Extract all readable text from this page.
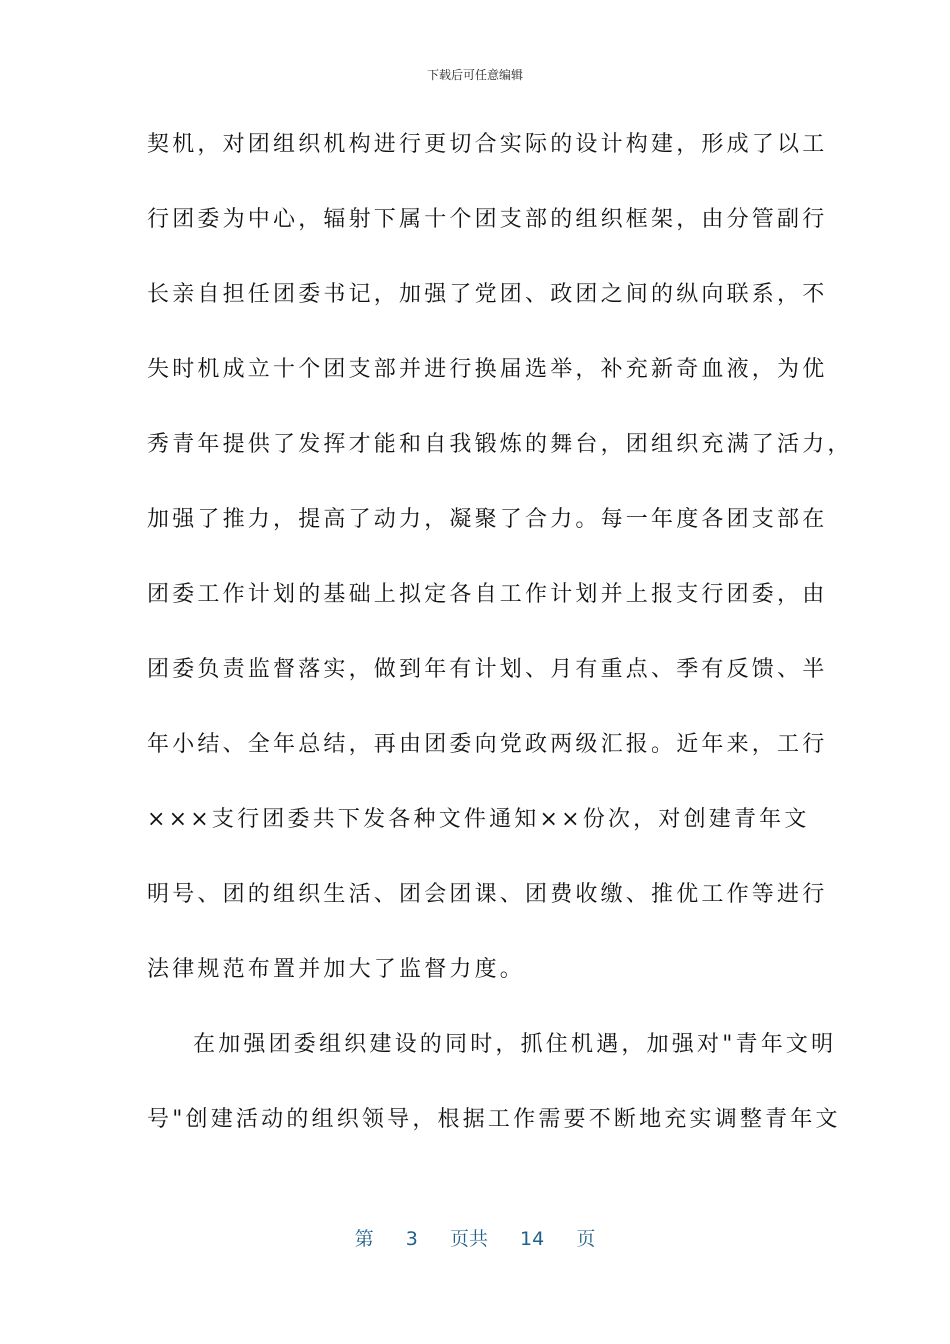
下载后可任意编辑
契机，对团组织机构进行更切合实际的设计构建，形成了以工
行团委为中心，辐射下属十个团支部的组织框架，由分管副行
长亲自担任团委书记，加强了党团、政团之间的纵向联系，不
失时机成立十个团支部并进行换届选举，补充新奇血液，为优
秀青年提供了发挥才能和自我锻炼的舞台，团组织充满了活力，
加强了推力，提高了动力，凝聚了合力。每一年度各团支部在
团委工作计划的基础上拟定各自工作计划并上报支行团委，由
团委负责监督落实，做到年有计划、月有重点、季有反馈、半
年小结、全年总结，再由团委向党政两级汇报。近年来，工行
×××支行团委共下发各种文件通知××份次，对创建青年文
明号、团的组织生活、团会团课、团费收缴、推优工作等进行
法律规范布置并加大了监督力度。
在加强团委组织建设的同时，抓住机遇，加强对"青年文明
号"创建活动的组织领导，根据工作需要不断地充实调整青年文
第 3 页共 14 页
